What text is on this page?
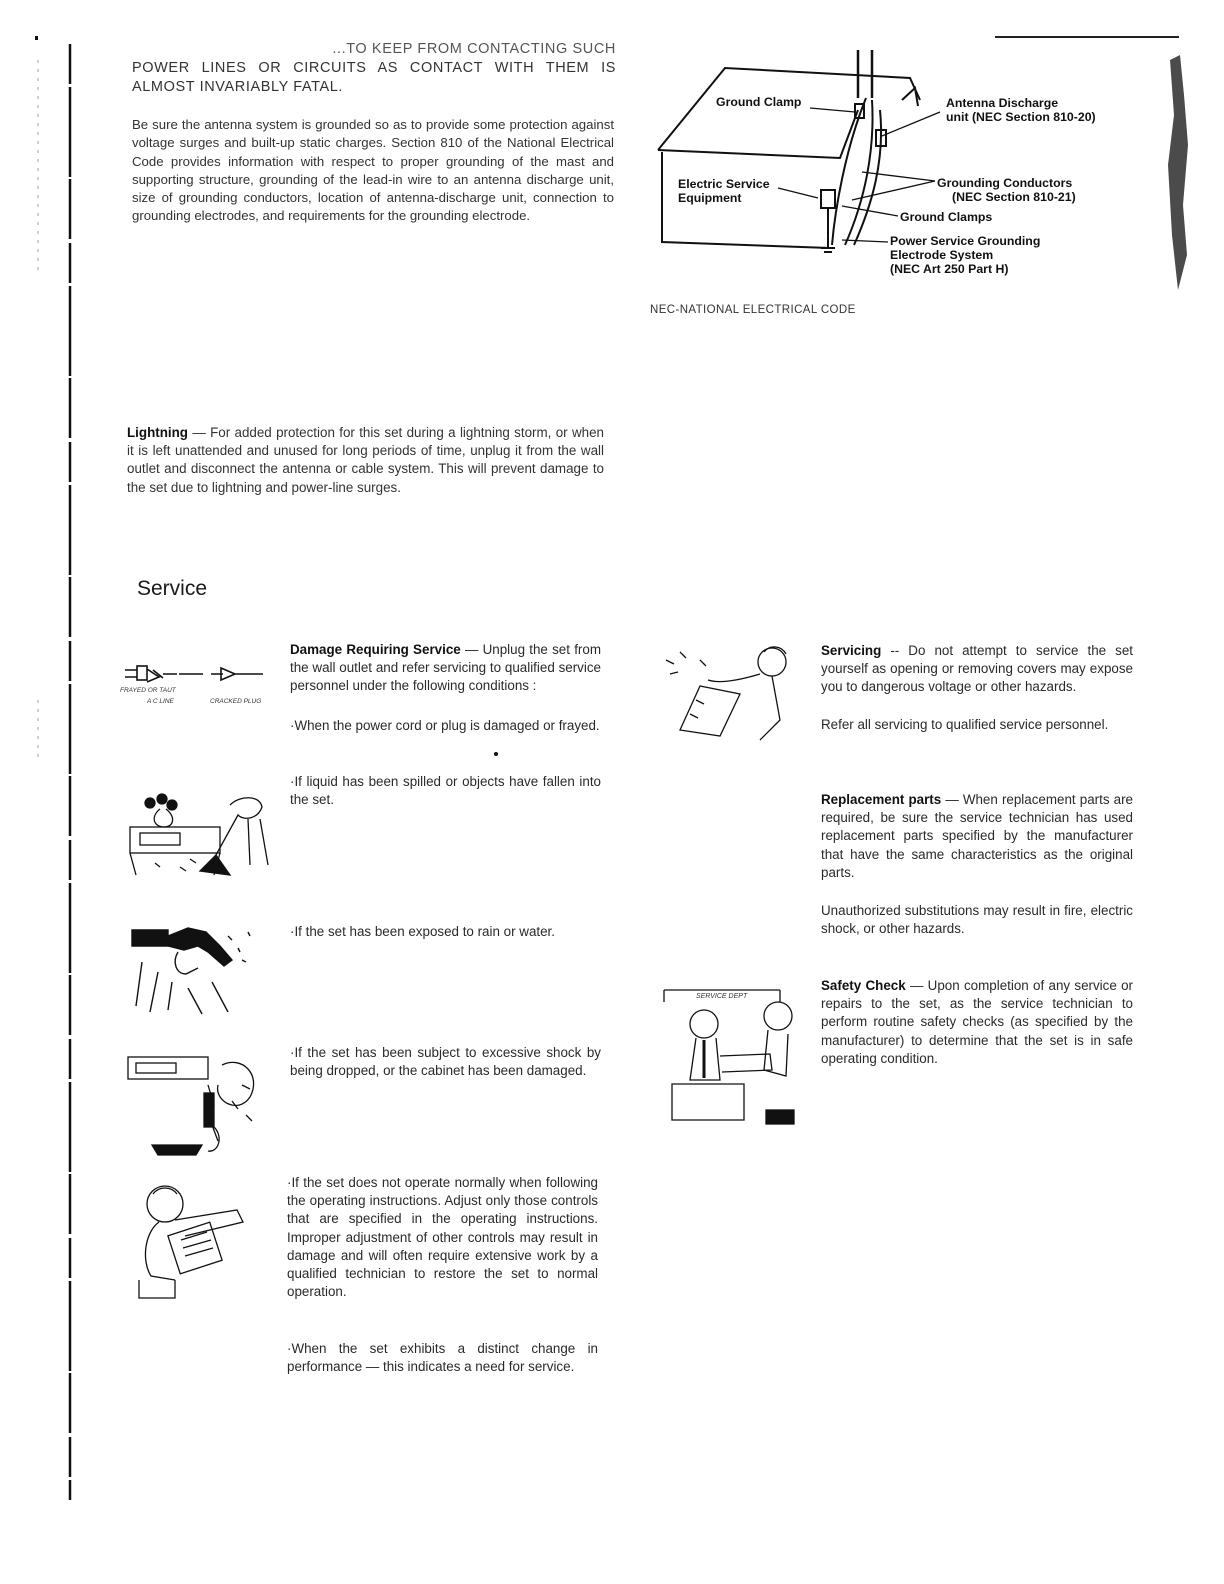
...TO KEEP FROM CONTACTING SUCH
POWER LINES OR CIRCUITS AS CONTACT WITH THEM IS
ALMOST INVARIABLY FATAL.

Be sure the antenna system is grounded so as to provide some protection against voltage surges and built-up static charges. Section 810 of the National Electrical Code provides information with respect to proper grounding of the mast and supporting structure, grounding of the lead-in wire to an antenna discharge unit, size of grounding conductors, location of antenna-discharge unit, connection to grounding electrodes, and requirements for the grounding electrode.

Ground Clamp	Antenna Discharge
unit (NEC Section 810-20)
Electric Service
Equipment
Grounding Conductors
(NEC Section 810-21)
Ground Clamps
Power Service Grounding
Electrode System
(NEC Art 250 Part H)
NEC-NATIONAL ELECTRICAL CODE

Lightning — For added protection for this set during a lightning storm, or when it is left unattended and unused for long periods of time, unplug it from the wall outlet and disconnect the antenna or cable system. This will prevent damage to the set due to lightning and power-line surges.

Service

Damage Requiring Service — Unplug the set from the wall outlet and refer servicing to qualified service personnel under the following conditions :

·When the power cord or plug is damaged or frayed.

·If liquid has been spilled or objects have fallen into the set.

·If the set has been exposed to rain or water.

·If the set has been subject to excessive shock by being dropped, or the cabinet has been damaged.

·If the set does not operate normally when following the operating instructions. Adjust only those controls that are specified in the operating instructions. Improper adjustment of other controls may result in damage and will often require extensive work by a qualified technician to restore the set to normal operation.

·When the set exhibits a distinct change in performance — this indicates a need for service.

FRAYED OR TAUT
A C LINE	CRACKED PLUG

Servicing -- Do not attempt to service the set yourself as opening or removing covers may expose you to dangerous voltage or other hazards.

Refer all servicing to qualified service personnel.

Replacement parts — When replacement parts are required, be sure the service technician has used replacement parts specified by the manufacturer that have the same characteristics as the original parts.

Unauthorized substitutions may result in fire, electric shock, or other hazards.

Safety Check — Upon completion of any service or repairs to the set, as the service technician to perform routine safety checks (as specified by the manufacturer) to determine that the set is in safe operating condition.

SERVICE DEPT
